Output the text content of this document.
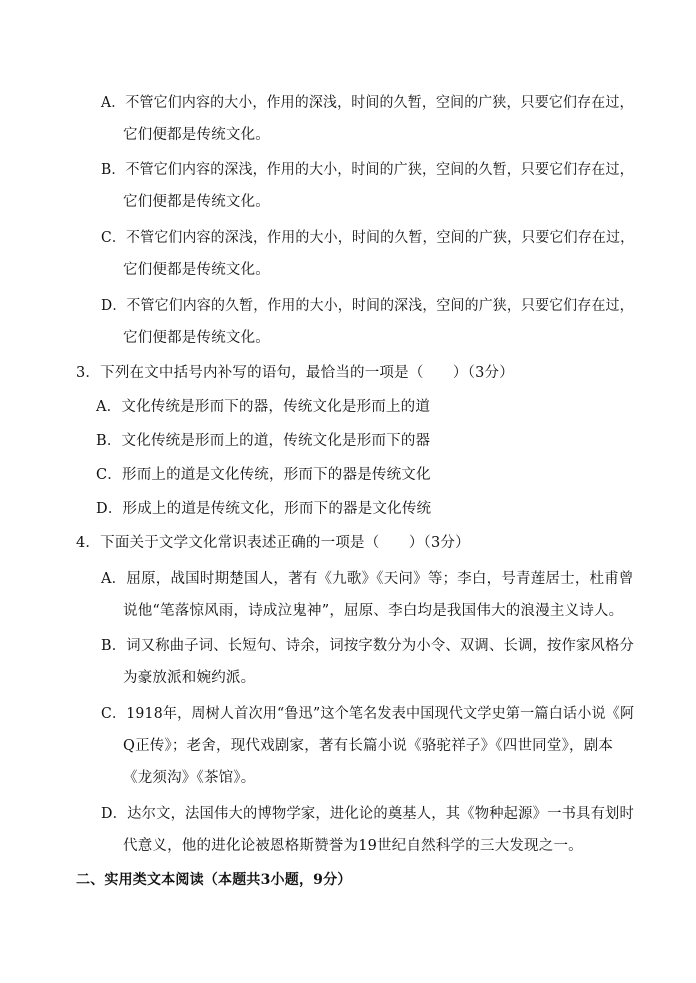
A．不管它们内容的大小，作用的深浅，时间的久暂，空间的广狭，只要它们存在过，
它们便都是传统文化。
B．不管它们内容的深浅，作用的大小，时间的广狭，空间的久暂，只要它们存在过，
它们便都是传统文化。
C．不管它们内容的深浅，作用的大小，时间的久暂，空间的广狭，只要它们存在过，
它们便都是传统文化。
D．不管它们内容的久暂，作用的大小，时间的深浅，空间的广狭，只要它们存在过，
它们便都是传统文化。
3．下列在文中括号内补写的语句，最恰当的一项是（　　）（3分）
A．文化传统是形而下的器，传统文化是形而上的道
B．文化传统是形而上的道，传统文化是形而下的器
C．形而上的道是文化传统，形而下的器是传统文化
D．形成上的道是传统文化，形而下的器是文化传统
4．下面关于文学文化常识表述正确的一项是（　　）（3分）
A．屈原，战国时期楚国人，著有《九歌》《天问》等；李白，号青莲居士，杜甫曾
说他“笔落惊风雨，诗成泣鬼神”，屈原、李白均是我国伟大的浪漫主义诗人。
B．词又称曲子词、长短句、诗余，词按字数分为小令、双调、长调，按作家风格分
为豪放派和婉约派。
C．1918年，周树人首次用“鲁迅”这个笔名发表中国现代文学史第一篇白话小说《阿
Q正传》；老舍，现代戏剧家，著有长篇小说《骆驼祥子》《四世同堂》，剧本
《龙须沟》《茶馆》。
D．达尔文，法国伟大的博物学家，进化论的奠基人，其《物种起源》一书具有划时
代意义，他的进化论被恩格斯赞誉为19世纪自然科学的三大发现之一。
二、实用类文本阅读（本题共3小题，9分）
